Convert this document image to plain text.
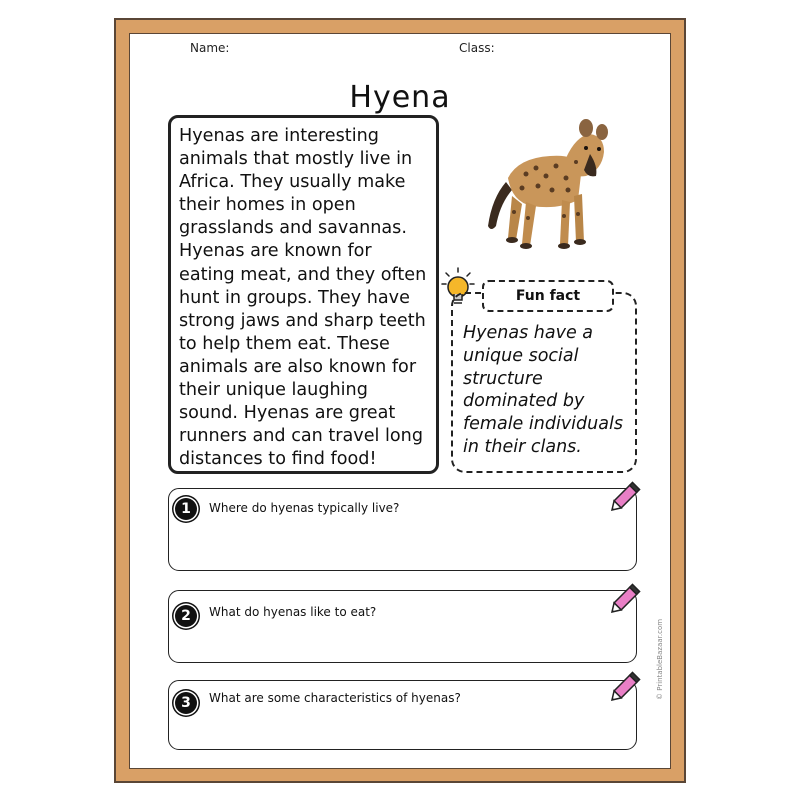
Name:	Class:
Hyena

Hyenas are interesting animals that mostly live in Africa. They usually make their homes in open grasslands and savannas. Hyenas are known for eating meat, and they often hunt in groups. They have strong jaws and sharp teeth to help them eat. These animals are also known for their unique laughing sound. Hyenas are great runners and can travel long distances to find food!

Hyenas have a unique social structure dominated by female individuals in their clans.

Fun fact
1	Where do hyenas typically live?
2	What do hyenas like to eat?
3	What are some characteristics of hyenas?	© PrintableBazaar.com
